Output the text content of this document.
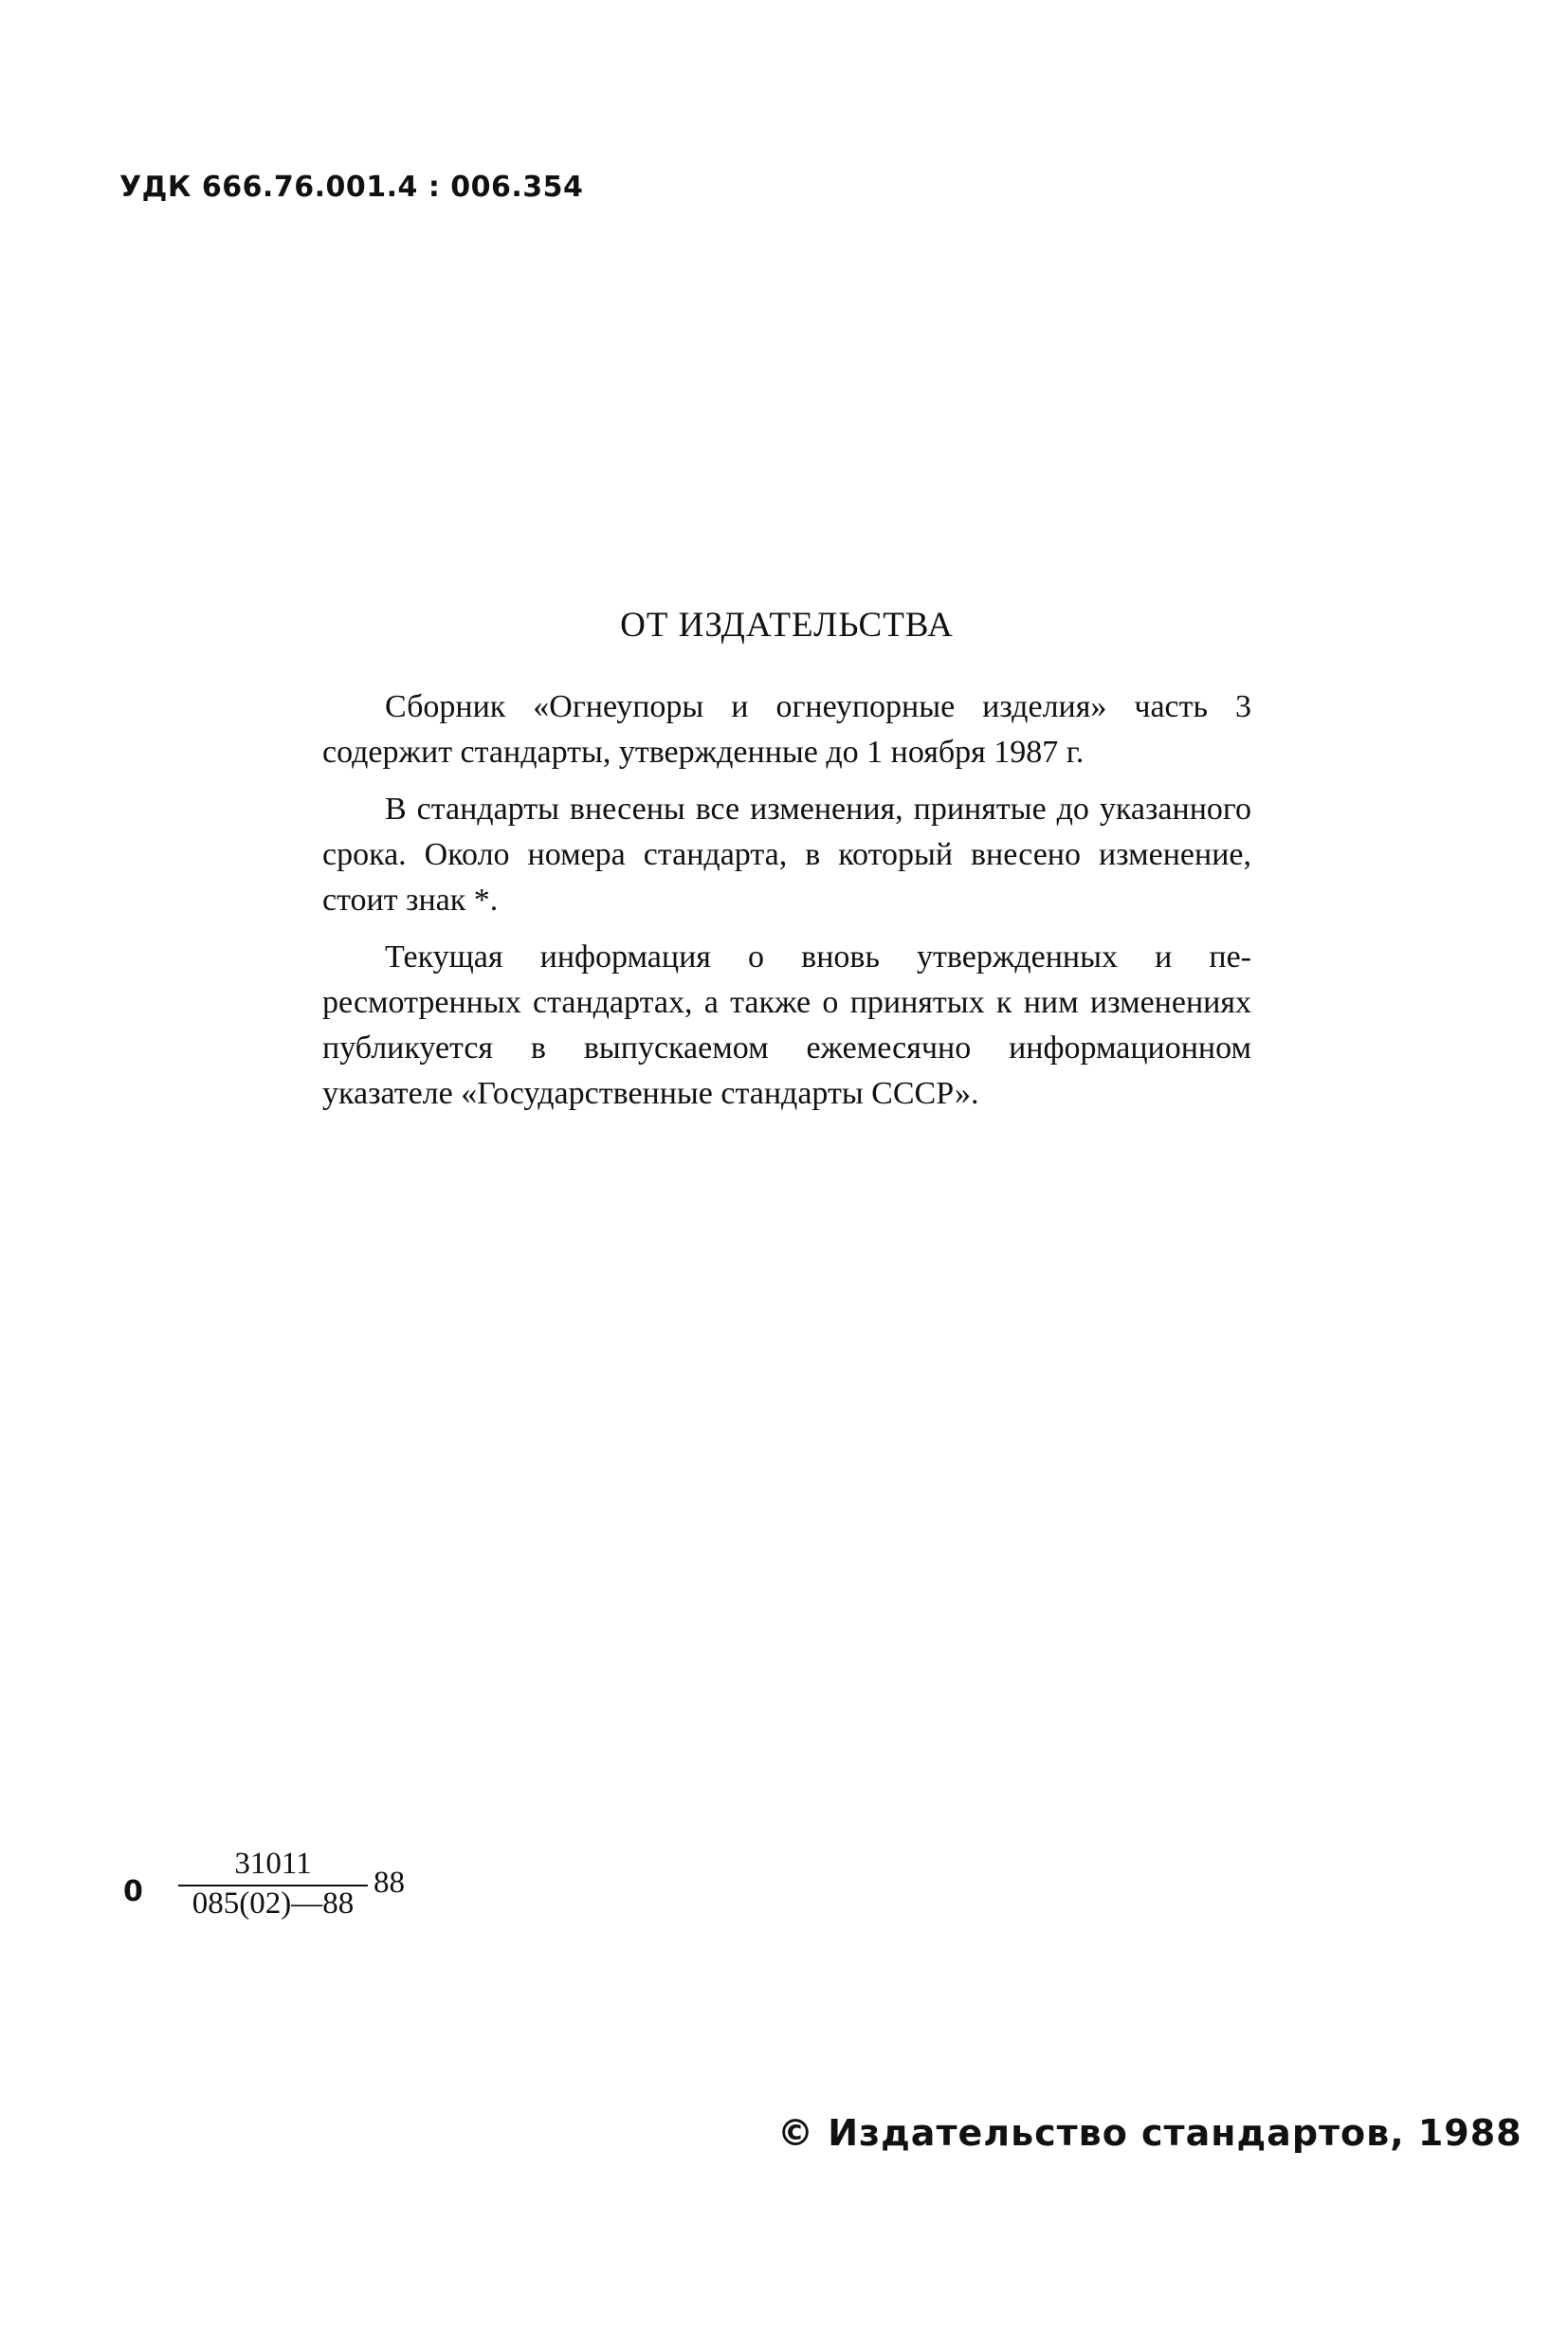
УДК 666.76.001.4 : 006.354
ОТ ИЗДАТЕЛЬСТВА

Сборник «Огнеупоры и огнеупорные изделия» часть 3 содержит стандарты, утвержденные до 1 ноября 1987 г.

В стандарты внесены все изменения, принятые до указанного срока. Около номера стандарта, в который внесено изменение, стоит знак *.

Текущая информация о вновь утвержденных и пересмотренных стандартах, а также о принятых к ним изменениях публикуется в выпускаемом ежемесячно информационном указателе «Государственные стандарты СССР».

0
31011
085(02)—88
88
© Издательство стандартов, 1988
